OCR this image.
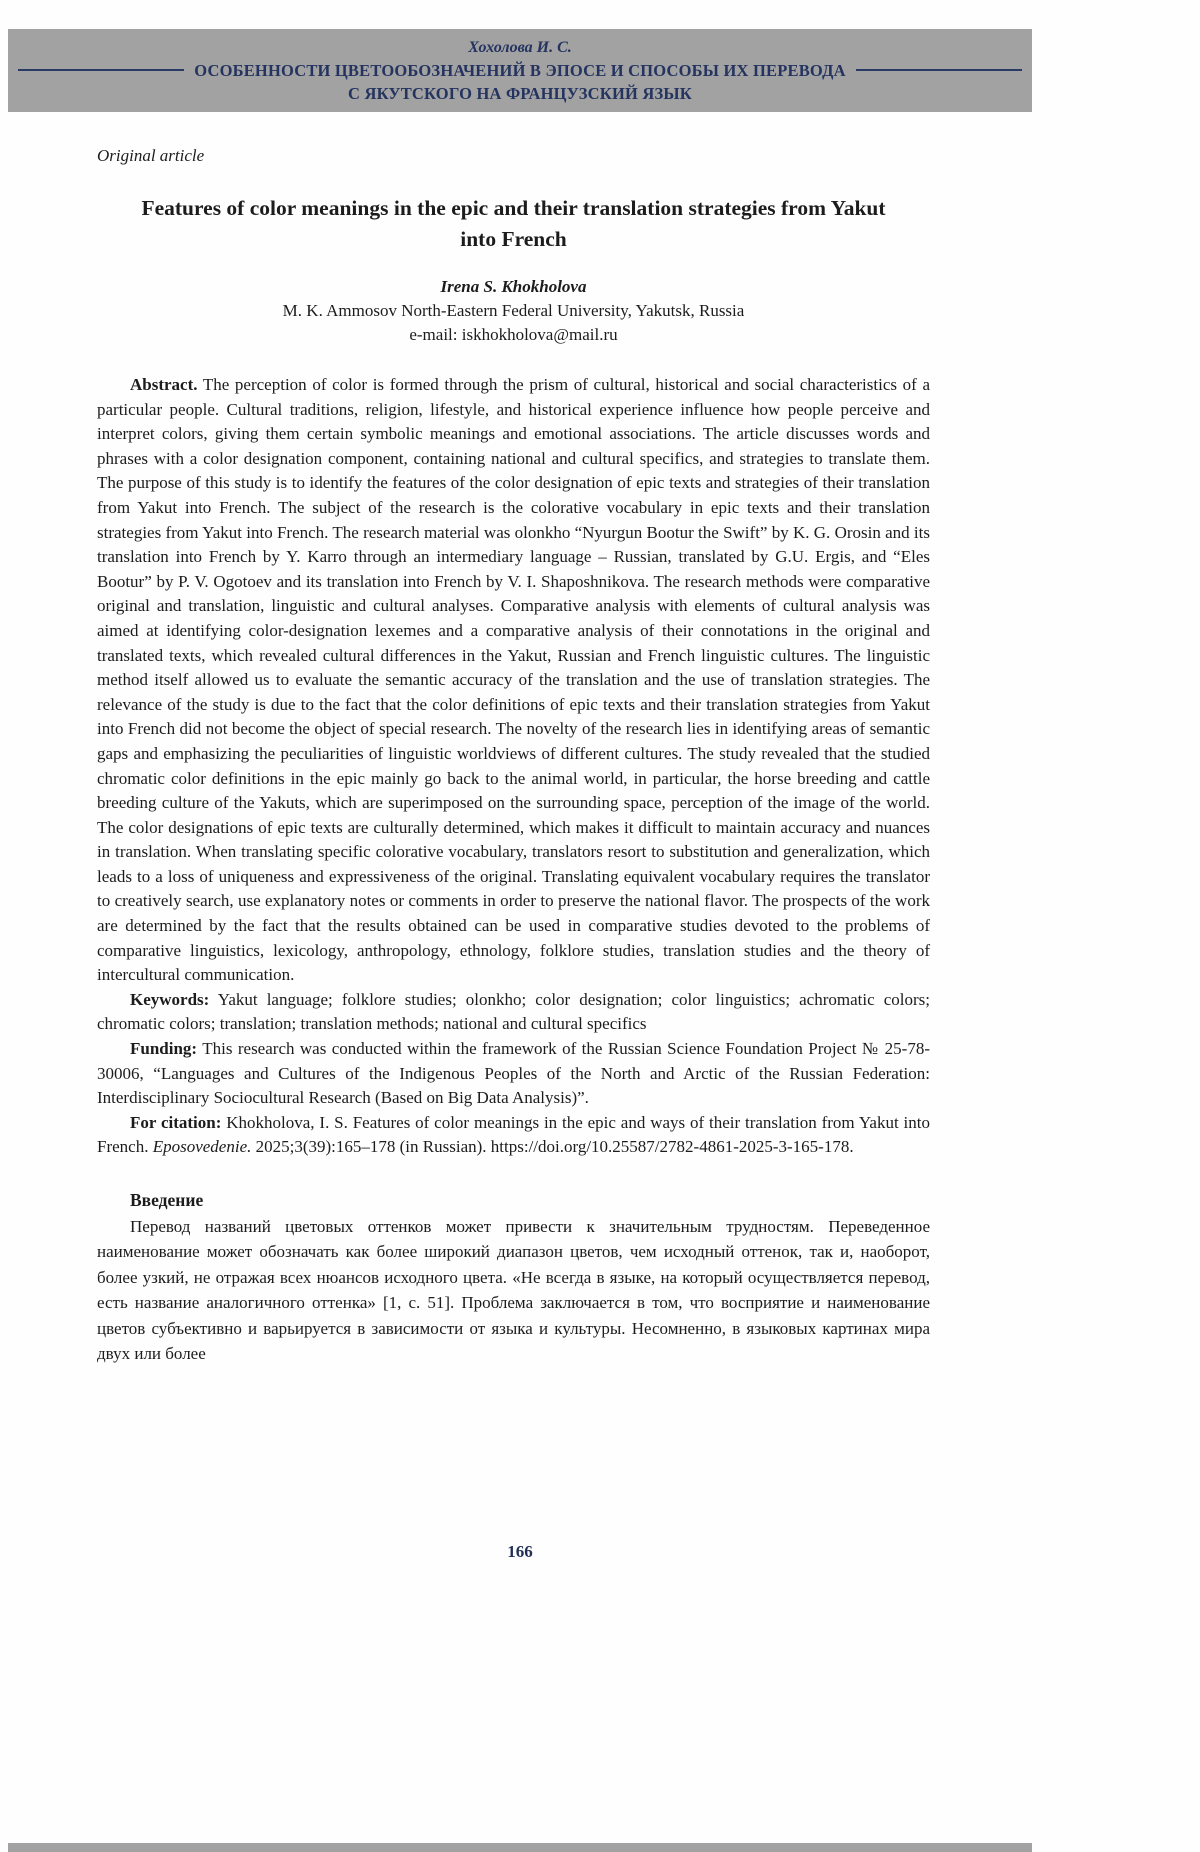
Хохолова И. С.
ОСОБЕННОСТИ ЦВЕТООБОЗНАЧЕНИЙ В ЭПОСЕ И СПОСОБЫ ИХ ПЕРЕВОДА
С ЯКУТСКОГО НА ФРАНЦУЗСКИЙ ЯЗЫК
Original article
Features of color meanings in the epic and their translation strategies from Yakut into French
Irena S. Khokholova
M. K. Ammosov North-Eastern Federal University, Yakutsk, Russia
e-mail: iskhokholova@mail.ru

Abstract. The perception of color is formed through the prism of cultural, historical and social characteristics of a particular people. Cultural traditions, religion, lifestyle, and historical experience influence how people perceive and interpret colors, giving them certain symbolic meanings and emotional associations. The article discusses words and phrases with a color designation component, containing national and cultural specifics, and strategies to translate them. The purpose of this study is to identify the features of the color designation of epic texts and strategies of their translation from Yakut into French. The subject of the research is the colorative vocabulary in epic texts and their translation strategies from Yakut into French. The research material was olonkho “Nyurgun Bootur the Swift” by K. G. Orosin and its translation into French by Y. Karro through an intermediary language – Russian, translated by G.U. Ergis, and “Eles Bootur” by P. V. Ogotoev and its translation into French by V. I. Shaposhnikova. The research methods were comparative original and translation, linguistic and cultural analyses. Comparative analysis with elements of cultural analysis was aimed at identifying color-designation lexemes and a comparative analysis of their connotations in the original and translated texts, which revealed cultural differences in the Yakut, Russian and French linguistic cultures. The linguistic method itself allowed us to evaluate the semantic accuracy of the translation and the use of translation strategies. The relevance of the study is due to the fact that the color definitions of epic texts and their translation strategies from Yakut into French did not become the object of special research. The novelty of the research lies in identifying areas of semantic gaps and emphasizing the peculiarities of linguistic worldviews of different cultures. The study revealed that the studied chromatic color definitions in the epic mainly go back to the animal world, in particular, the horse breeding and cattle breeding culture of the Yakuts, which are superimposed on the surrounding space, perception of the image of the world. The color designations of epic texts are culturally determined, which makes it difficult to maintain accuracy and nuances in translation. When translating specific colorative vocabulary, translators resort to substitution and generalization, which leads to a loss of uniqueness and expressiveness of the original. Translating equivalent vocabulary requires the translator to creatively search, use explanatory notes or comments in order to preserve the national flavor. The prospects of the work are determined by the fact that the results obtained can be used in comparative studies devoted to the problems of comparative linguistics, lexicology, anthropology, ethnology, folklore studies, translation studies and the theory of intercultural communication.

Keywords: Yakut language; folklore studies; olonkho; color designation; color linguistics; achromatic colors; chromatic colors; translation; translation methods; national and cultural specifics

Funding: This research was conducted within the framework of the Russian Science Foundation Project № 25-78-30006, “Languages and Cultures of the Indigenous Peoples of the North and Arctic of the Russian Federation: Interdisciplinary Sociocultural Research (Based on Big Data Analysis)”.

For citation: Khokholova, I. S. Features of color meanings in the epic and ways of their translation from Yakut into French. Eposovedenie. 2025;3(39):165–178 (in Russian). https://doi.org/10.25587/2782-4861-2025-3-165-178.

Введение

Перевод названий цветовых оттенков может привести к значительным трудностям. Переведенное наименование может обозначать как более широкий диапазон цветов, чем исходный оттенок, так и, наоборот, более узкий, не отражая всех нюансов исходного цвета. «Не всегда в языке, на который осуществляется перевод, есть название аналогичного оттенка» [1, с. 51]. Проблема заключается в том, что восприятие и наименование цветов субъективно и варьируется в зависимости от языка и культуры. Несомненно, в языковых картинах мира двух или более

166
